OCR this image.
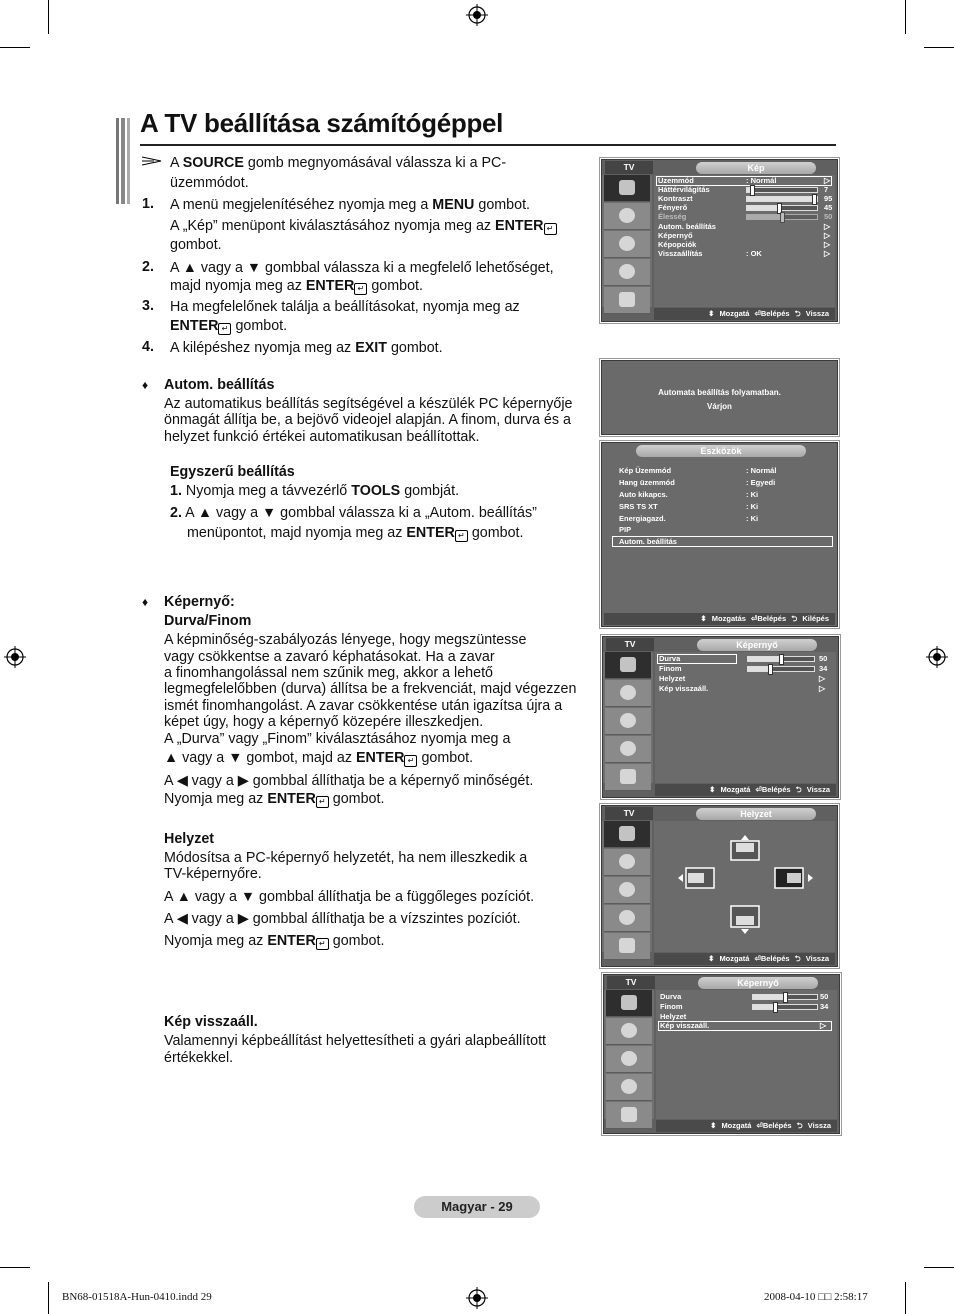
A TV beállítása számítógéppel
A SOURCE gomb megnyomásával válassza ki a PC-
üzemmódot.
1. A menü megjelenítéséhez nyomja meg a MENU gombot.
A „Kép” menüpont kiválasztásához nyomja meg az ENTER ↵
gombot.
2. A ▲ vagy a ▼ gombbal válassza ki a megfelelő lehetőséget,
majd nyomja meg az ENTER ↵ gombot.
3. Ha megfelelőnek találja a beállításokat, nyomja meg az
ENTER ↵ gombot.
4. A kilépéshez nyomja meg az EXIT gombot.
♦ Autom. beállítás
Az automatikus beállítás segítségével a készülék PC képernyője
önmagát állítja be, a bejövő videojel alapján. A finom, durva és a
helyzet funkció értékei automatikusan beállítottak.
Egyszerű beállítás
1. Nyomja meg a távvezérlő TOOLS gombját.
2. A ▲ vagy a ▼ gombbal válassza ki a „Autom. beállítás”
menüpontot, majd nyomja meg az ENTER ↵ gombot.
♦ Képernyő:
Durva/Finom
A képminőség-szabályozás lényege, hogy megszüntesse
vagy csökkentse a zavaró képhatásokat. Ha a zavar
a finomhangolással nem szűnik meg, akkor a lehető
legmegfelelőbben (durva) állítsa be a frekvenciát, majd végezzen
ismét finomhangolást. A zavar csökkentése után igazítsa újra a
képet úgy, hogy a képernyő közepére illeszkedjen.
A „Durva” vagy „Finom” kiválasztásához nyomja meg a
▲ vagy a ▼ gombot, majd az ENTER ↵ gombot.
A ◀ vagy a ▶ gombbal állíthatja be a képernyő minőségét.
Nyomja meg az ENTER ↵ gombot.
Helyzet
Módosítsa a PC-képernyő helyzetét, ha nem illeszkedik a
TV-képernyőre.
A ▲ vagy a ▼ gombbal állíthatja be a függőleges pozíciót.
A ◀ vagy a ▶ gombbal állíthatja be a vízszintes pozíciót.
Nyomja meg az ENTER ↵ gombot.
Kép visszaáll.
Valamennyi képbeállítást helyettesítheti a gyári alapbeállított
értékekkel.
TV	Kép
Üzemmód	: Normál	▷
Háttérvilágítás	7
Kontraszt	95
Fényerő	45
Élesség	50
Autom. beállítás	▷
Képernyő	▷
Képopciók	▷
Visszaállítás	: OK	▷
⬍ Mozgatá ⏎Belépés ⮌ Vissza
Automata beállítás folyamatban.
Várjon
Eszközök
Kép Üzemmód	: Normál
Hang üzemmód	: Egyedi
Auto kikapcs.	: Ki
SRS TS XT	: Ki
Energiagazd.	: Ki
PIP
Autom. beállítás
⬍ Mozgatás ⏎Belépés ⮌ Kilépés
TV	Képernyő
Durva	50
Finom	34
Helyzet	▷
Kép visszaáll.	▷
⬍ Mozgatá ⏎Belépés ⮌ Vissza
TV	Helyzet
⬍ Mozgatá ⏎Belépés ⮌ Vissza
TV	Képernyő
Durva	50
Finom	34
Helyzet
Kép visszaáll.	▷
⬍ Mozgatá ⏎Belépés ⮌ Vissza
Magyar - 29
BN68-01518A-Hun-0410.indd 29	2008-04-10 □□ 2:58:17
